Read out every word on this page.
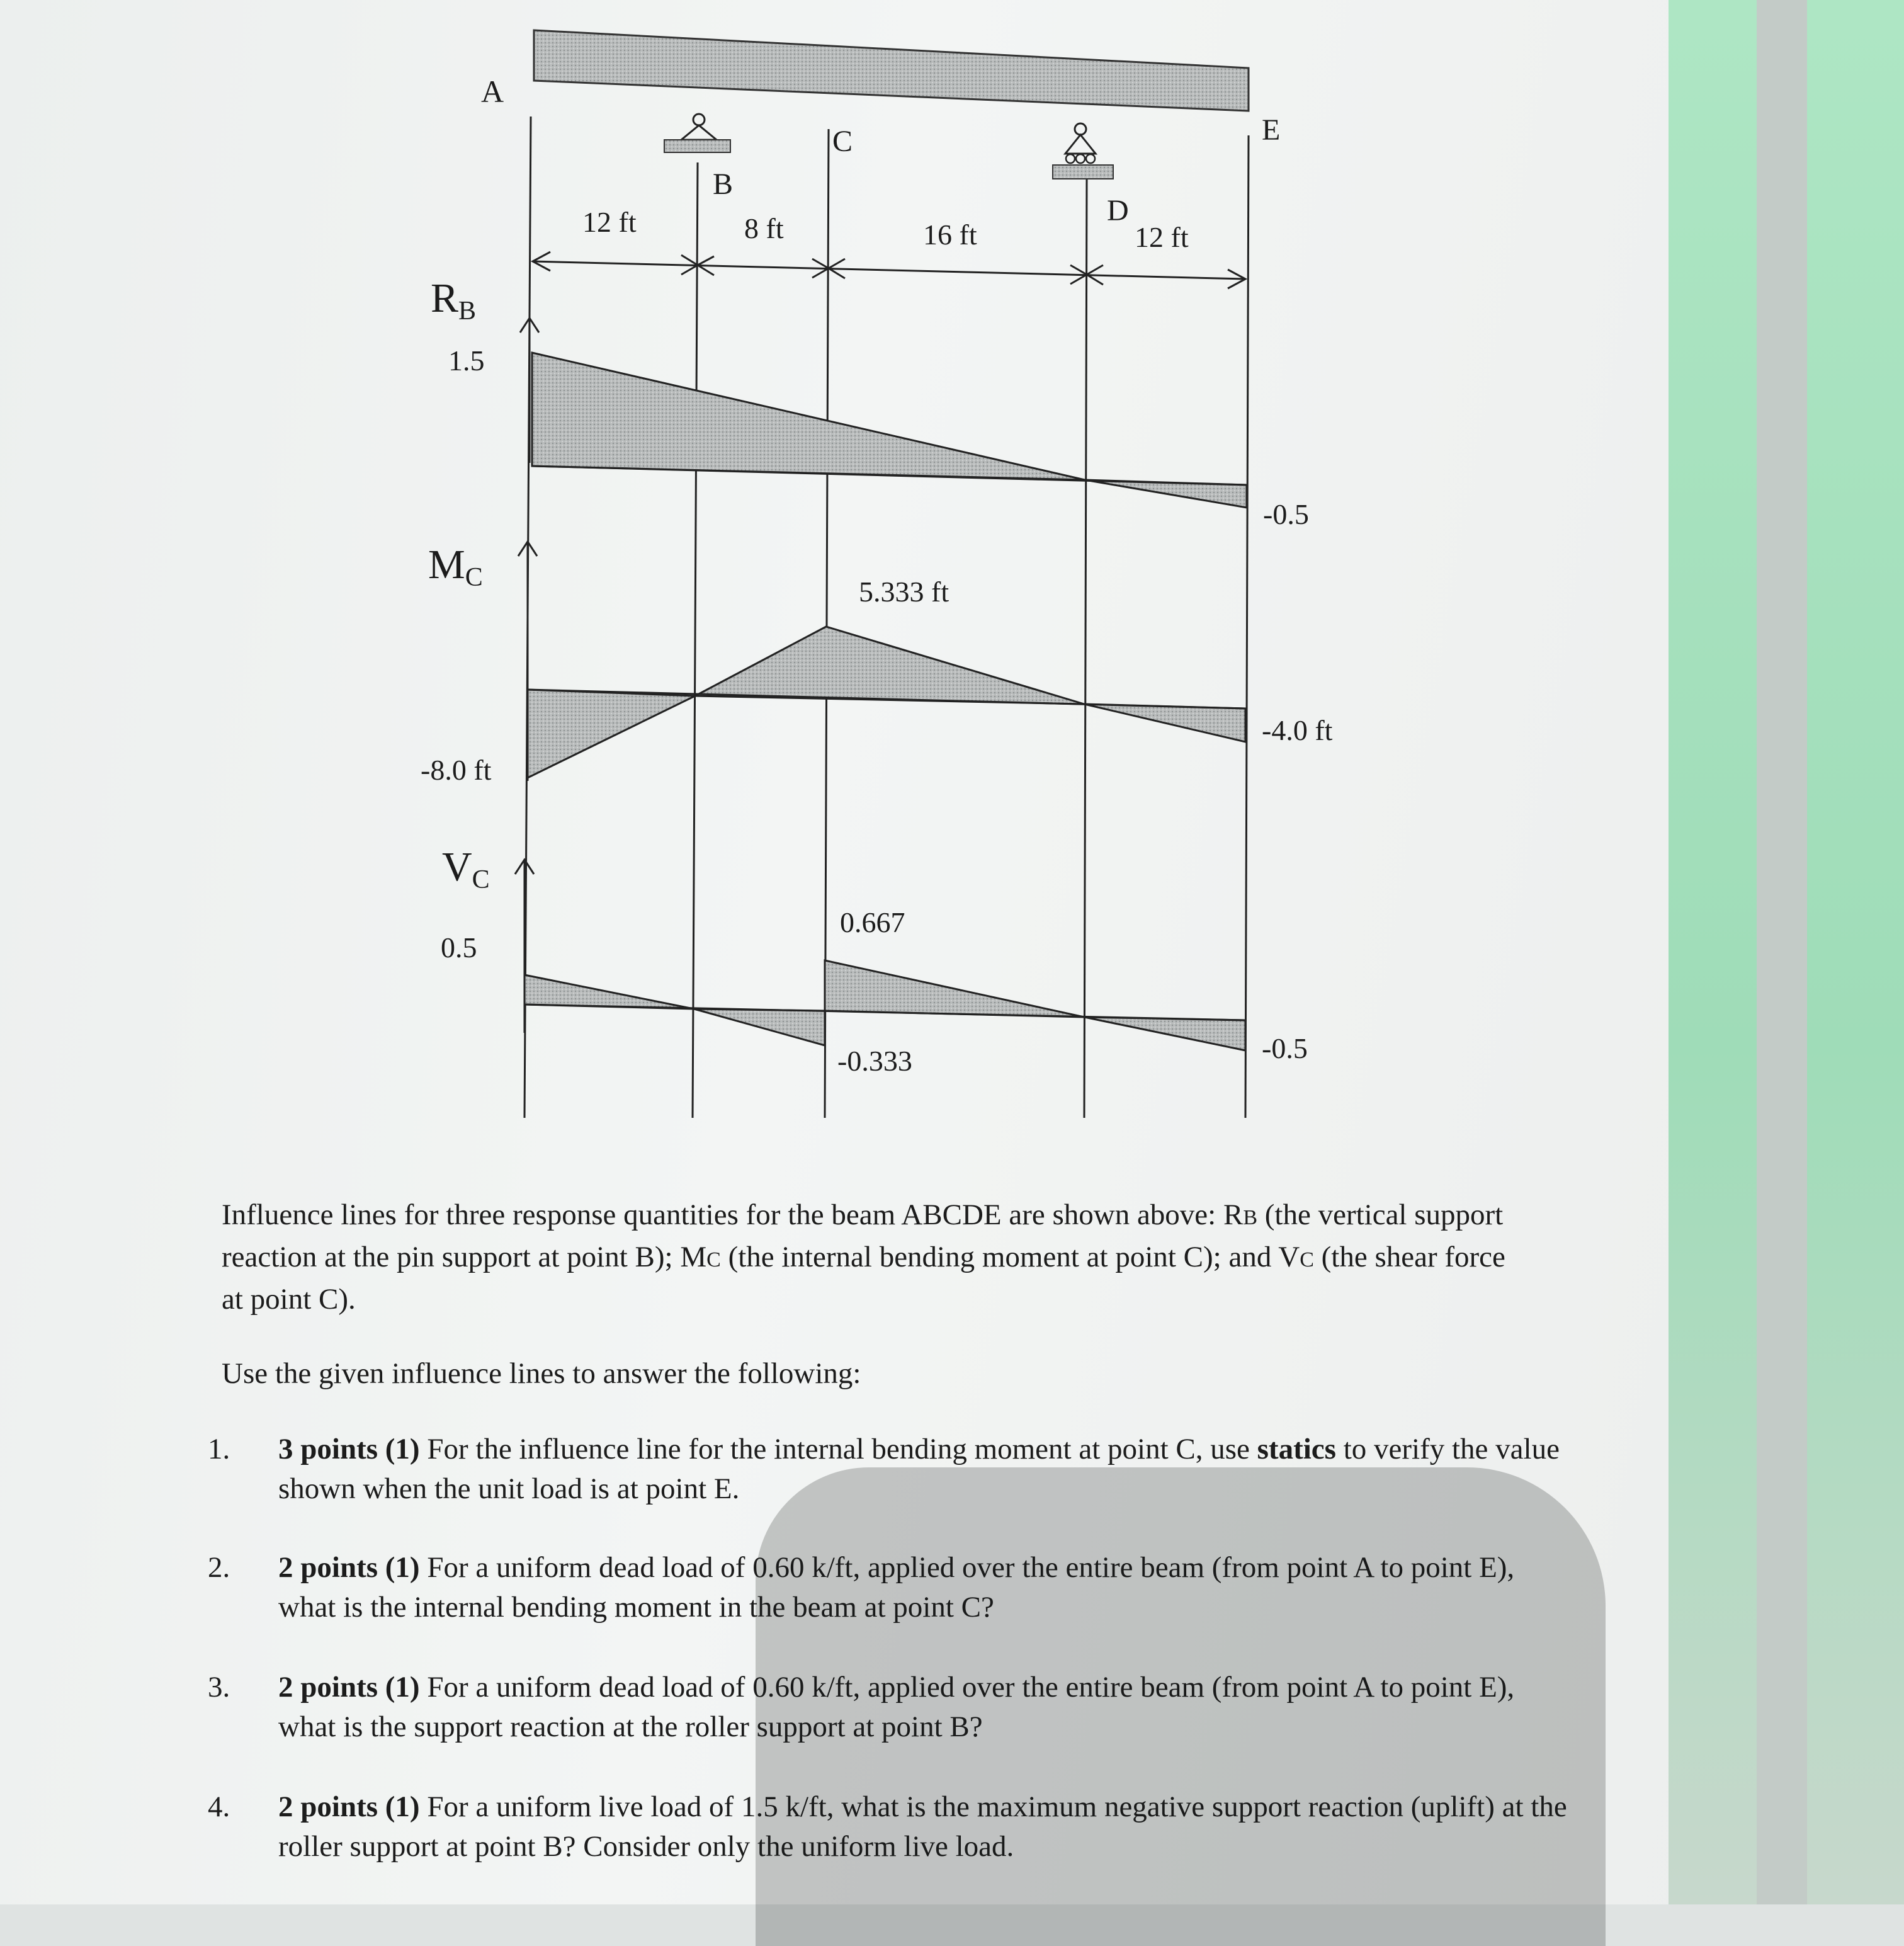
A
B
C
D
E
12 ft	8 ft	16 ft	12 ft
RB
1.5
-0.5
MC	5.333 ft
-8.0 ft
-4.0 ft
VC
0.5
0.667
-0.333	-0.5
Influence lines for three response quantities for the beam ABCDE are shown above: RB (the vertical support reaction at the pin support at point B); MC (the internal bending moment at point C); and VC (the shear force at point C).
Use the given influence lines to answer the following:
1. 3 points (1) For the influence line for the internal bending moment at point C, use statics to verify the value shown when the unit load is at point E.
2. 2 points (1) For a uniform dead load of 0.60 k/ft, applied over the entire beam (from point A to point E), what is the internal bending moment in the beam at point C?
3. 2 points (1) For a uniform dead load of 0.60 k/ft, applied over the entire beam (from point A to point E), what is the support reaction at the roller support at point B?
4. 2 points (1) For a uniform live load of 1.5 k/ft, what is the maximum negative support reaction (uplift) at the roller support at point B? Consider only the uniform live load.
